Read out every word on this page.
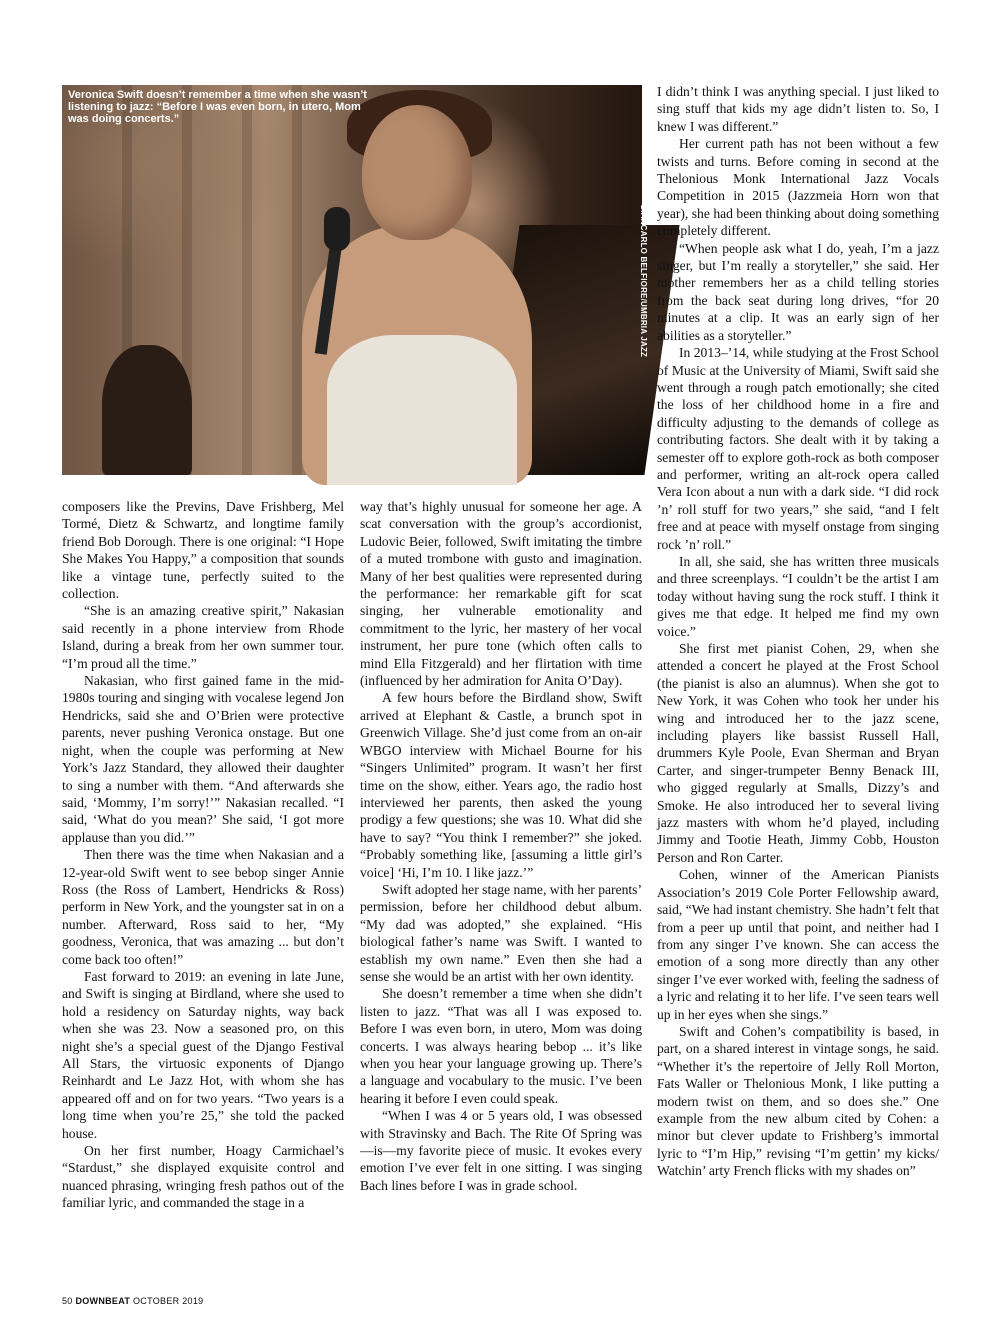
Veronica Swift doesn’t remember a time when she wasn’t listening to jazz: “Before I was even born, in utero, Mom was doing concerts.”
GIANCARLO BELFIORE/UMBRIA JAZZ

composers like the Previns, Dave Frishberg, Mel Tormé, Dietz & Schwartz, and longtime family friend Bob Dorough. There is one original: “I Hope She Makes You Happy,” a composition that sounds like a vintage tune, perfectly suited to the collection.

“She is an amazing creative spirit,” Nakasian said recently in a phone interview from Rhode Island, during a break from her own summer tour. “I’m proud all the time.”

Nakasian, who first gained fame in the mid-1980s touring and singing with vocalese legend Jon Hendricks, said she and O’Brien were protective parents, never pushing Veronica onstage. But one night, when the couple was performing at New York’s Jazz Standard, they allowed their daughter to sing a number with them. “And afterwards she said, ‘Mommy, I’m sorry!’” Nakasian recalled. “I said, ‘What do you mean?’ She said, ‘I got more applause than you did.’”

Then there was the time when Nakasian and a 12-year-old Swift went to see bebop singer Annie Ross (the Ross of Lambert, Hendricks & Ross) perform in New York, and the youngster sat in on a number. Afterward, Ross said to her, “My goodness, Veronica, that was amazing ... but don’t come back too often!”

Fast forward to 2019: an evening in late June, and Swift is singing at Birdland, where she used to hold a residency on Saturday nights, way back when she was 23. Now a seasoned pro, on this night she’s a special guest of the Django Festival All Stars, the virtuosic exponents of Django Reinhardt and Le Jazz Hot, with whom she has appeared off and on for two years. “Two years is a long time when you’re 25,” she told the packed house.

On her first number, Hoagy Carmichael’s “Stardust,” she displayed exquisite control and nuanced phrasing, wringing fresh pathos out of the familiar lyric, and commanded the stage in a

way that’s highly unusual for someone her age. A scat conversation with the group’s accordionist, Ludovic Beier, followed, Swift imitating the timbre of a muted trombone with gusto and imagination. Many of her best qualities were represented during the performance: her remarkable gift for scat singing, her vulnerable emotionality and commitment to the lyric, her mastery of her vocal instrument, her pure tone (which often calls to mind Ella Fitzgerald) and her flirtation with time (influenced by her admiration for Anita O’Day).

A few hours before the Birdland show, Swift arrived at Elephant & Castle, a brunch spot in Greenwich Village. She’d just come from an on-air WBGO interview with Michael Bourne for his “Singers Unlimited” program. It wasn’t her first time on the show, either. Years ago, the radio host interviewed her parents, then asked the young prodigy a few questions; she was 10. What did she have to say? “You think I remember?” she joked. “Probably something like, [assuming a little girl’s voice] ‘Hi, I’m 10. I like jazz.’”

Swift adopted her stage name, with her parents’ permission, before her childhood debut album. “My dad was adopted,” she explained. “His biological father’s name was Swift. I wanted to establish my own name.” Even then she had a sense she would be an artist with her own identity.

She doesn’t remember a time when she didn’t listen to jazz. “That was all I was exposed to. Before I was even born, in utero, Mom was doing concerts. I was always hearing bebop ... it’s like when you hear your language growing up. There’s a language and vocabulary to the music. I’ve been hearing it before I even could speak.

“When I was 4 or 5 years old, I was obsessed with Stravinsky and Bach. The Rite Of Spring was—is—my favorite piece of music. It evokes every emotion I’ve ever felt in one sitting. I was singing Bach lines before I was in grade school.

I didn’t think I was anything special. I just liked to sing stuff that kids my age didn’t listen to. So, I knew I was different.”

Her current path has not been without a few twists and turns. Before coming in second at the Thelonious Monk International Jazz Vocals Competition in 2015 (Jazzmeia Horn won that year), she had been thinking about doing something completely different.

“When people ask what I do, yeah, I’m a jazz singer, but I’m really a storyteller,” she said. Her mother remembers her as a child telling stories from the back seat during long drives, “for 20 minutes at a clip. It was an early sign of her abilities as a storyteller.”

In 2013–’14, while studying at the Frost School of Music at the University of Miami, Swift said she went through a rough patch emotionally; she cited the loss of her childhood home in a fire and difficulty adjusting to the demands of college as contributing factors. She dealt with it by taking a semester off to explore goth-rock as both composer and performer, writing an alt-rock opera called Vera Icon about a nun with a dark side. “I did rock ’n’ roll stuff for two years,” she said, “and I felt free and at peace with myself onstage from singing rock ’n’ roll.”

In all, she said, she has written three musicals and three screenplays. “I couldn’t be the artist I am today without having sung the rock stuff. I think it gives me that edge. It helped me find my own voice.”

She first met pianist Cohen, 29, when she attended a concert he played at the Frost School (the pianist is also an alumnus). When she got to New York, it was Cohen who took her under his wing and introduced her to the jazz scene, including players like bassist Russell Hall, drummers Kyle Poole, Evan Sherman and Bryan Carter, and singer-trumpeter Benny Benack III, who gigged regularly at Smalls, Dizzy’s and Smoke. He also introduced her to several living jazz masters with whom he’d played, including Jimmy and Tootie Heath, Jimmy Cobb, Houston Person and Ron Carter.

Cohen, winner of the American Pianists Association’s 2019 Cole Porter Fellowship award, said, “We had instant chemistry. She hadn’t felt that from a peer up until that point, and neither had I from any singer I’ve known. She can access the emotion of a song more directly than any other singer I’ve ever worked with, feeling the sadness of a lyric and relating it to her life. I’ve seen tears well up in her eyes when she sings.”

Swift and Cohen’s compatibility is based, in part, on a shared interest in vintage songs, he said. “Whether it’s the repertoire of Jelly Roll Morton, Fats Waller or Thelonious Monk, I like putting a modern twist on them, and so does she.” One example from the new album cited by Cohen: a minor but clever update to Frishberg’s immortal lyric to “I’m Hip,” revising “I’m gettin’ my kicks/ Watchin’ arty French flicks with my shades on”

50 DOWNBEAT OCTOBER 2019
